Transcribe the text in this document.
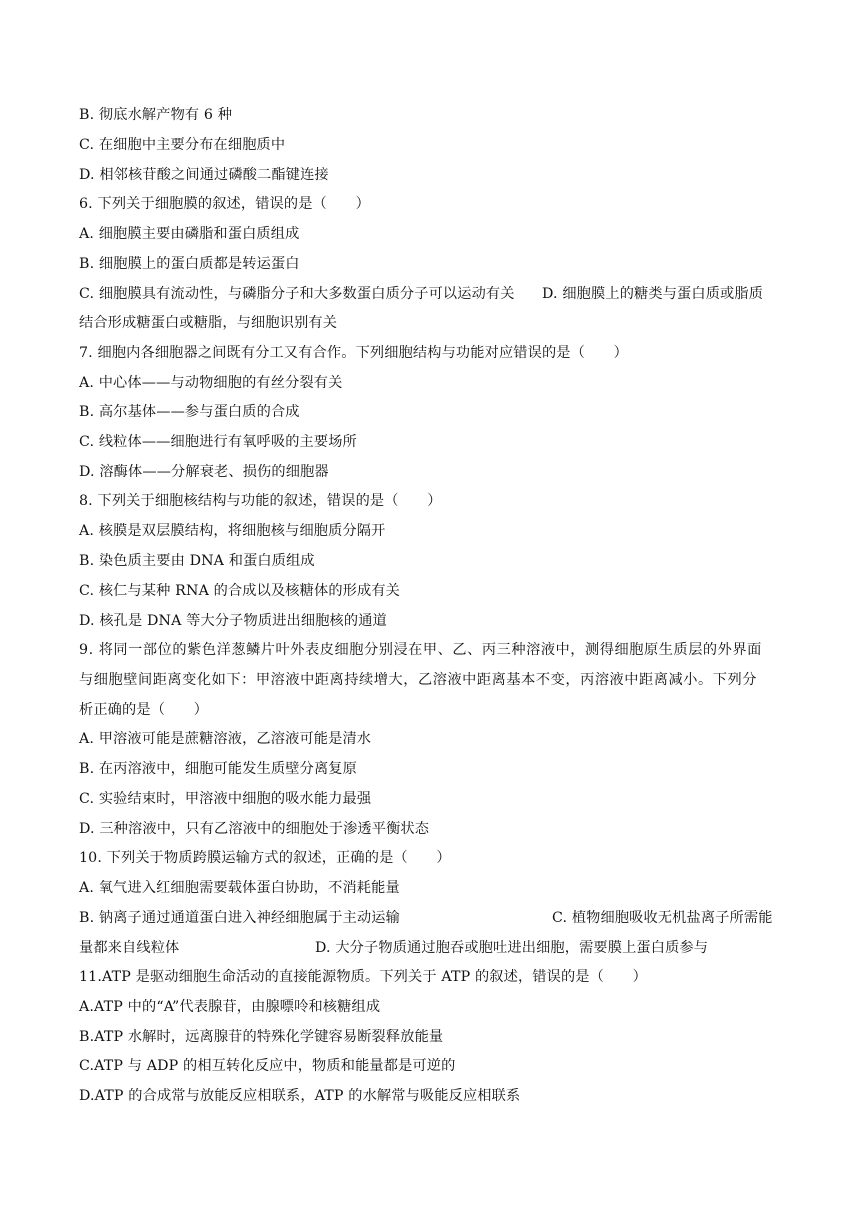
B. 彻底水解产物有 6 种
C. 在细胞中主要分布在细胞质中
D. 相邻核苷酸之间通过磷酸二酯键连接
6. 下列关于细胞膜的叙述，错误的是（　　）
A. 细胞膜主要由磷脂和蛋白质组成
B. 细胞膜上的蛋白质都是转运蛋白
C. 细胞膜具有流动性，与磷脂分子和大多数蛋白质分子可以运动有关 D. 细胞膜上的糖类与蛋白质或脂质
结合形成糖蛋白或糖脂，与细胞识别有关
7. 细胞内各细胞器之间既有分工又有合作。下列细胞结构与功能对应错误的是（　　）
A. 中心体——与动物细胞的有丝分裂有关
B. 高尔基体——参与蛋白质的合成
C. 线粒体——细胞进行有氧呼吸的主要场所
D. 溶酶体——分解衰老、损伤的细胞器
8. 下列关于细胞核结构与功能的叙述，错误的是（　　）
A. 核膜是双层膜结构，将细胞核与细胞质分隔开
B. 染色质主要由 DNA 和蛋白质组成
C. 核仁与某种 RNA 的合成以及核糖体的形成有关
D. 核孔是 DNA 等大分子物质进出细胞核的通道
9. 将同一部位的紫色洋葱鳞片叶外表皮细胞分别浸在甲、乙、丙三种溶液中，测得细胞原生质层的外界面
与细胞壁间距离变化如下：甲溶液中距离持续增大，乙溶液中距离基本不变，丙溶液中距离减小。下列分
析正确的是（　　）
A. 甲溶液可能是蔗糖溶液，乙溶液可能是清水
B. 在丙溶液中，细胞可能发生质壁分离复原
C. 实验结束时，甲溶液中细胞的吸水能力最强
D. 三种溶液中，只有乙溶液中的细胞处于渗透平衡状态
10. 下列关于物质跨膜运输方式的叙述，正确的是（　　）
A. 氧气进入红细胞需要载体蛋白协助，不消耗能量
B. 钠离子通过通道蛋白进入神经细胞属于主动运输	C. 植物细胞吸收无机盐离子所需能
量都来自线粒体	D. 大分子物质通过胞吞或胞吐进出细胞，需要膜上蛋白质参与
11.ATP 是驱动细胞生命活动的直接能源物质。下列关于 ATP 的叙述，错误的是（　　）
A.ATP 中的“A”代表腺苷，由腺嘌呤和核糖组成
B.ATP 水解时，远离腺苷的特殊化学键容易断裂释放能量
C.ATP 与 ADP 的相互转化反应中，物质和能量都是可逆的
D.ATP 的合成常与放能反应相联系，ATP 的水解常与吸能反应相联系
